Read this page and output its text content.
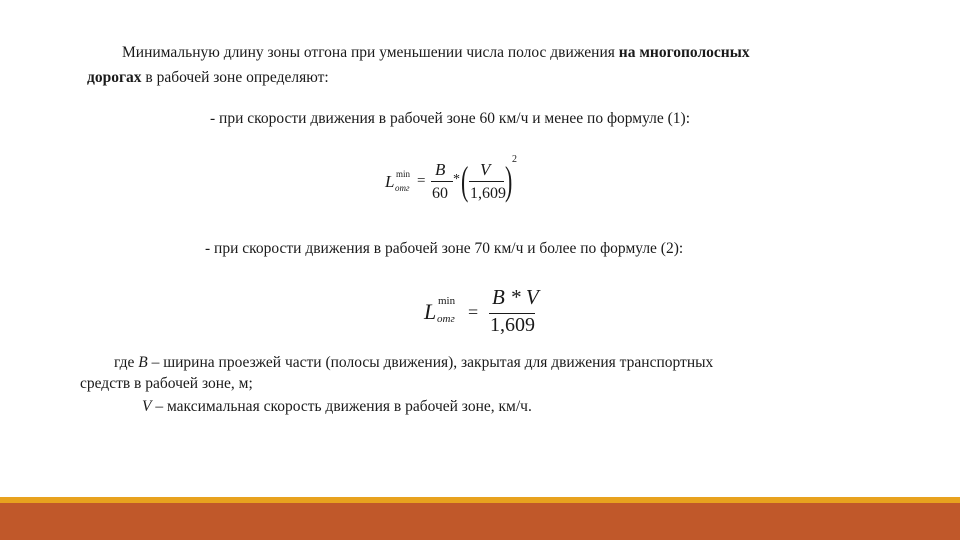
Минимальную длину зоны отгона при уменьшении числа полос движения на многополосных
дорогах в рабочей зоне определяют:
- при скорости движения в рабочей зоне 60 км/ч и менее по формуле (1):
L min
отг =
B
60
* ( V
1,609 ) 2
- при скорости движения в рабочей зоне 70 км/ч и более по формуле (2):
L min
отг =
B * V
1,609
где B – ширина проезжей части (полосы движения), закрытая для движения транспортных
средств в рабочей зоне, м;
V – максимальная скорость движения в рабочей зоне, км/ч.
